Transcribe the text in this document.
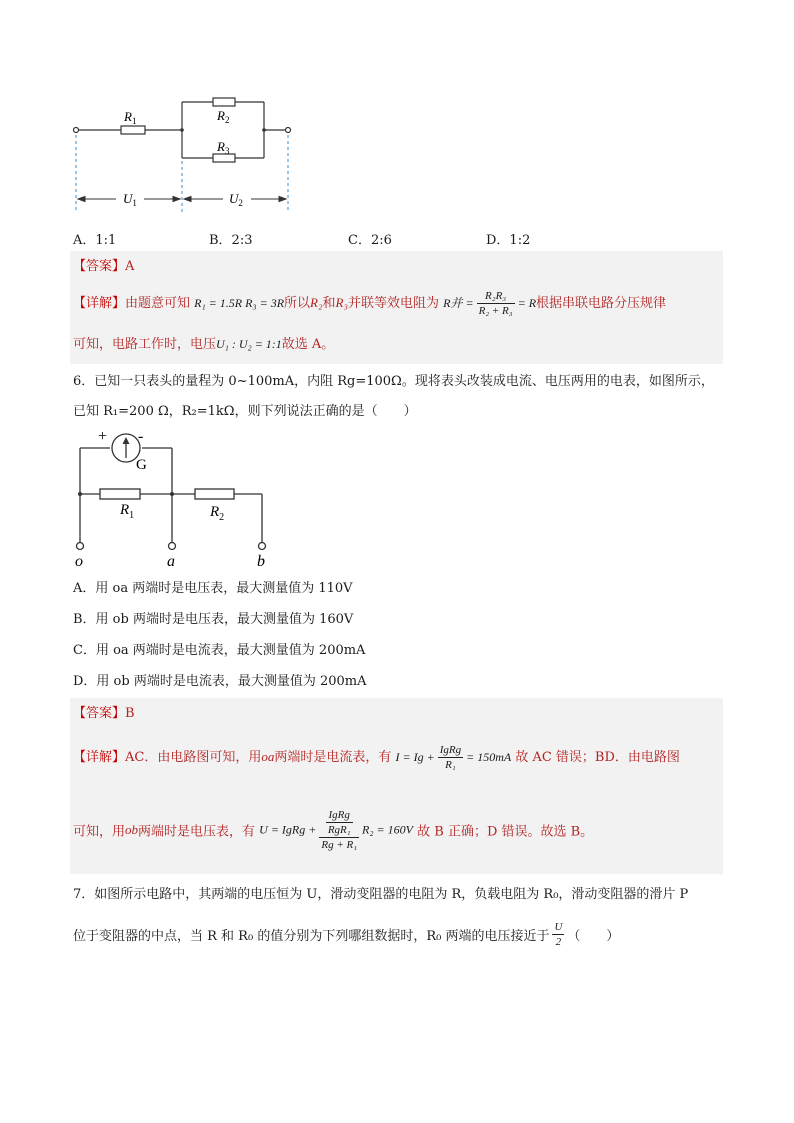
$R_1$	$R_2$
$R_3$
$U_1$	$U_2$
A．1:1	B．2:3	C．2:6	D．1:2
【答案】A
【详解】由题意可知 R₁ = 1.5R R₃ = 3R所以R₂和R₃并联等效电阻为 R并 = $\frac{\text{R₂R₃}}{\text{R₂ + R₃}} = R$根据串联电路分压规律
可知，电路工作时，电压U₁ : U₂ = 1:1故选 A。
6．已知一只表头的量程为 0~100mA，内阻 Rg=100Ω。现将表头改装成电流、电压两用的电表，如图所示，
已知 R₁=200 Ω，R₂=1kΩ，则下列说法正确的是（　　）
+ -
G
$R_1$	$R_2$
o	a	b
A．用 oa 两端时是电压表，最大测量值为 110V
B．用 ob 两端时是电压表，最大测量值为 160V
C．用 oa 两端时是电流表，最大测量值为 200mA
D．用 ob 两端时是电流表，最大测量值为 200mA
【答案】B
【详解】AC．由电路图可知，用oa两端时是电流表，有 $I = Ig + \frac{\text{IgRg}}{\text{R₁}} = 150mA$ 故 AC 错误；BD．由电路图
可知，用ob两端时是电压表，有 U = IgRg + $\frac{\frac{\text{IgRg}}{\text{RgR₁}}}{\text{Rg + R₁}} R_2 = 160V$ 故 B 正确；D 错误。故选 B。
7．如图所示电路中，其两端的电压恒为 U，滑动变阻器的电阻为 R，负载电阻为 R₀，滑动变阻器的滑片 P
位于变阻器的中点，当 R 和 R₀ 的值分别为下列哪组数据时，R₀ 两端的电压接近于 $\frac{U}{2}$ （　　）
